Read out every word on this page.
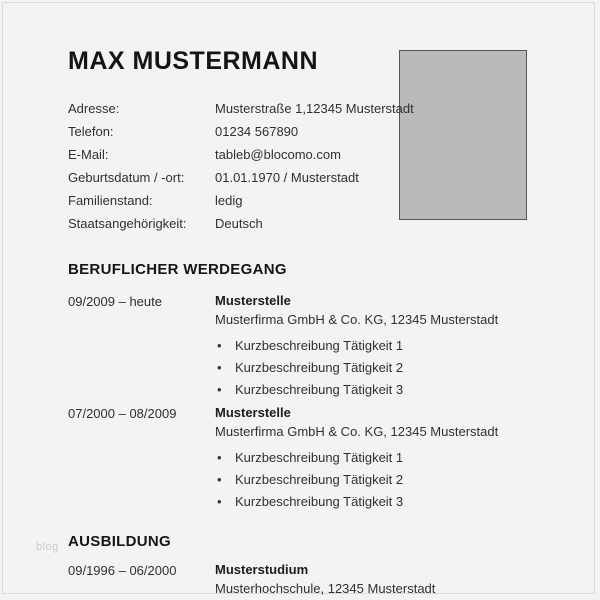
blog
MAX MUSTERMANN
Adresse:	Musterstraße 1,12345 Musterstadt
Telefon:	01234 567890
E-Mail:	tableb@blocomo.com
Geburtsdatum / -ort:	01.01.1970 / Musterstadt
Familienstand:	ledig
Staatsangehörigkeit:	Deutsch
BERUFLICHER WERDEGANG
09/2009 – heute	Musterstelle
Musterfirma GmbH & Co. KG, 12345 Musterstadt
• Kurzbeschreibung Tätigkeit 1
• Kurzbeschreibung Tätigkeit 2
• Kurzbeschreibung Tätigkeit 3
07/2000 – 08/2009	Musterstelle
Musterfirma GmbH & Co. KG, 12345 Musterstadt
• Kurzbeschreibung Tätigkeit 1
• Kurzbeschreibung Tätigkeit 2
• Kurzbeschreibung Tätigkeit 3
AUSBILDUNG
09/1996 – 06/2000	Musterstudium
Musterhochschule, 12345 Musterstadt
